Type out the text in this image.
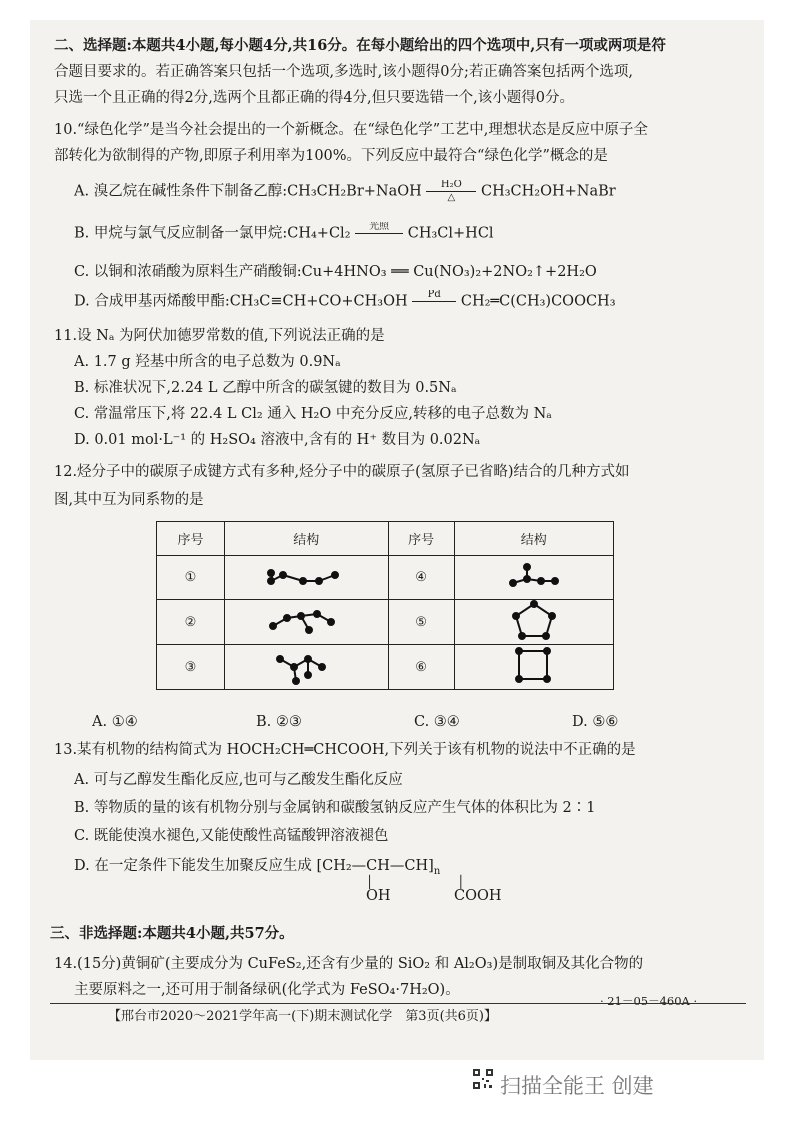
二、选择题:本题共4小题,每小题4分,共16分。在每小题给出的四个选项中,只有一项或两项是符
合题目要求的。若正确答案只包括一个选项,多选时,该小题得0分;若正确答案包括两个选项,
只选一个且正确的得2分,选两个且都正确的得4分,但只要选错一个,该小题得0分。
10.“绿色化学”是当今社会提出的一个新概念。在“绿色化学”工艺中,理想状态是反应中原子全
部转化为欲制得的产物,即原子利用率为100%。下列反应中最符合“绿色化学”概念的是
A. 溴乙烷在碱性条件下制备乙醇:CH₃CH₂Br+NaOH H₂O
△ CH₃CH₂OH+NaBr
B. 甲烷与氯气反应制备一氯甲烷:CH₄+Cl₂ 光照 CH₃Cl+HCl
C. 以铜和浓硝酸为原料生产硝酸铜:Cu+4HNO₃ ══ Cu(NO₃)₂+2NO₂↑+2H₂O
D. 合成甲基丙烯酸甲酯:CH₃C≡CH+CO+CH₃OH Pd CH₂═C(CH₃)COOCH₃
11.设 Nₐ 为阿伏加德罗常数的值,下列说法正确的是
A. 1.7 g 羟基中所含的电子总数为 0.9Nₐ
B. 标准状况下,2.24 L 乙醇中所含的碳氢键的数目为 0.5Nₐ
C. 常温常压下,将 22.4 L Cl₂ 通入 H₂O 中充分反应,转移的电子总数为 Nₐ
D. 0.01 mol·L⁻¹ 的 H₂SO₄ 溶液中,含有的 H⁺ 数目为 0.02Nₐ
12.烃分子中的碳原子成键方式有多种,烃分子中的碳原子(氢原子已省略)结合的几种方式如
图,其中互为同系物的是
序号	结构	序号	结构
①		④	
②		⑤	
③		⑥	
A. ①④	B. ②③	C. ③④	D. ⑤⑥
13.某有机物的结构简式为 HOCH₂CH═CHCOOH,下列关于该有机物的说法中不正确的是
A. 可与乙醇发生酯化反应,也可与乙酸发生酯化反应
B. 等物质的量的该有机物分别与金属钠和碳酸氢钠反应产生气体的体积比为 2∶1
C. 既能使溴水褪色,又能使酸性高锰酸钾溶液褪色
D. 在一定条件下能发生加聚反应生成 $[CH_2—CH—CH]_n$
│　　　　　　　│
OH	COOH
三、非选择题:本题共4小题,共57分。
14.(15分)黄铜矿(主要成分为 CuFeS₂,还含有少量的 SiO₂ 和 Al₂O₃)是制取铜及其化合物的
主要原料之一,还可用于制备绿矾(化学式为 FeSO₄·7H₂O)。
· 21－05－460A ·
【邢台市2020～2021学年高一(下)期末测试化学　第3页(共6页)】
扫描全能王 创建
